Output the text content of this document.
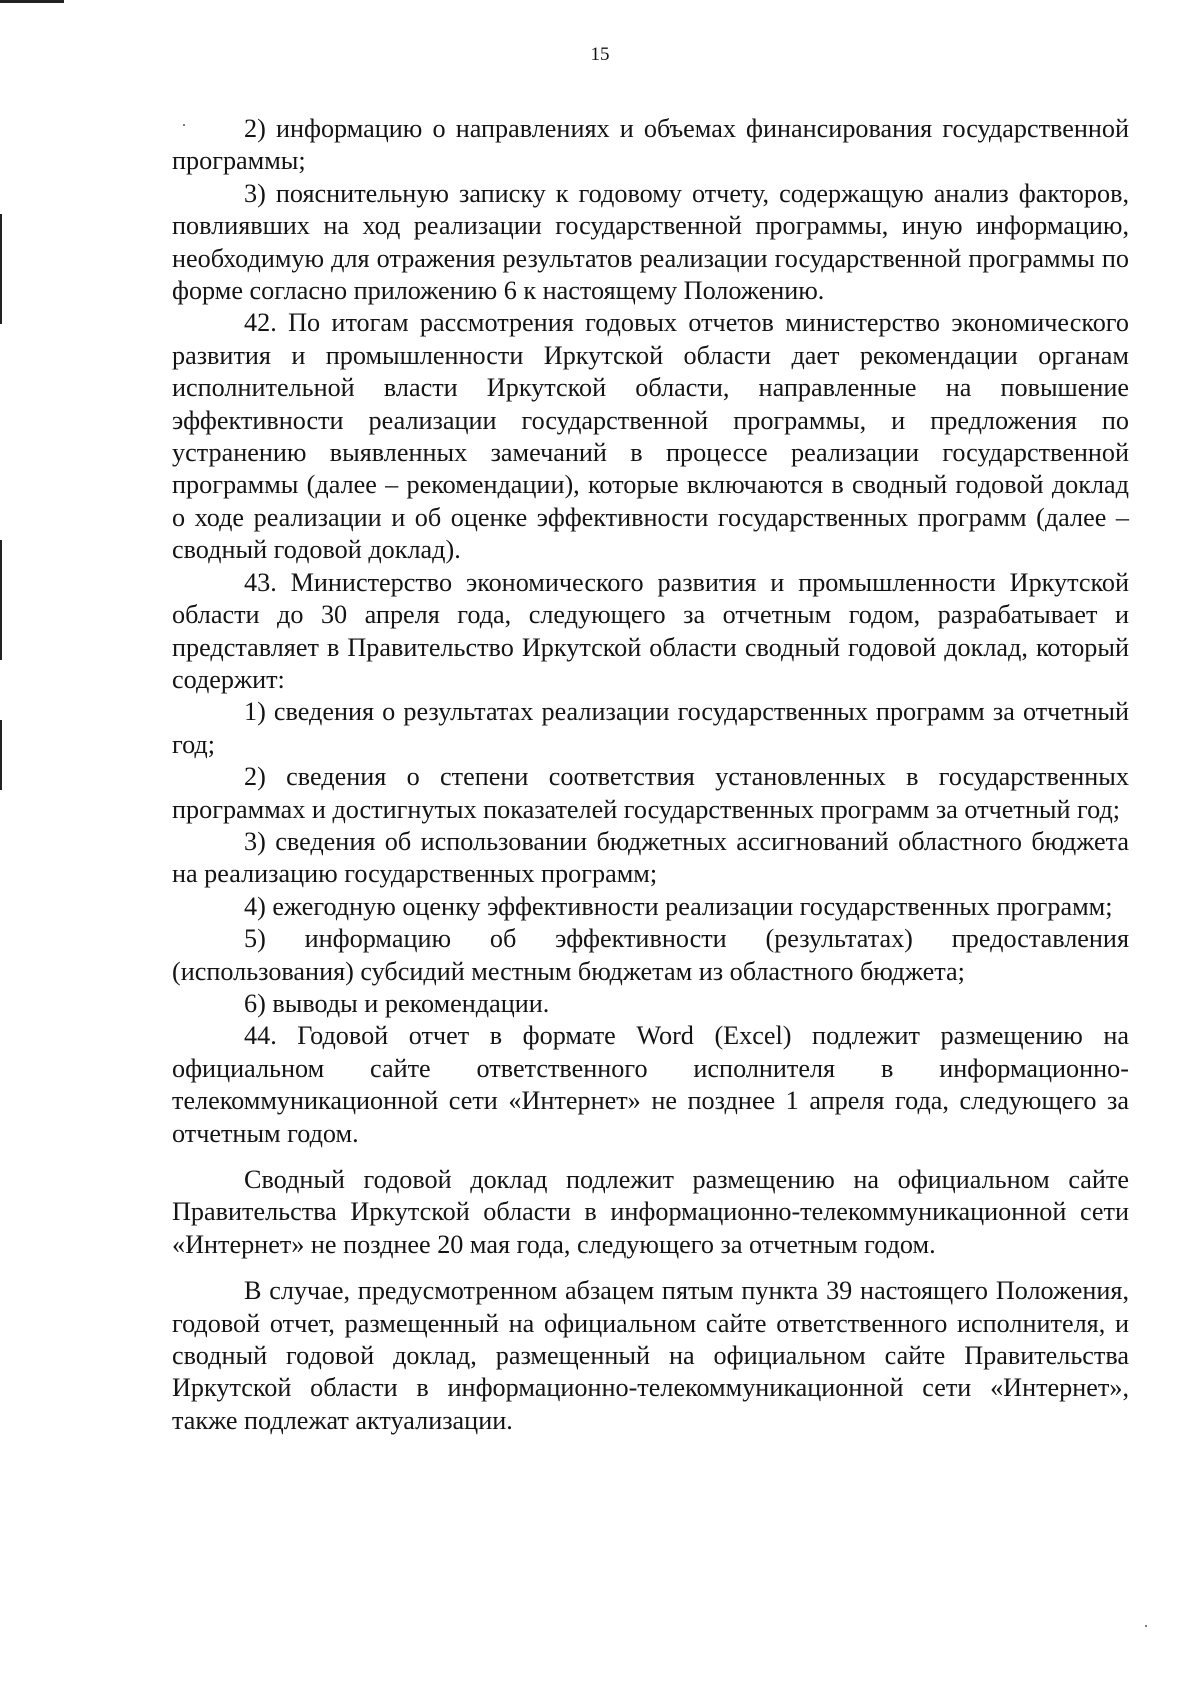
15

2) информацию о направлениях и объемах финансирования государственной программы;

3) пояснительную записку к годовому отчету, содержащую анализ факторов, повлиявших на ход реализации государственной программы, иную информацию, необходимую для отражения результатов реализации государственной программы по форме согласно приложению 6 к настоящему Положению.

42. По итогам рассмотрения годовых отчетов министерство экономического развития и промышленности Иркутской области дает рекомендации органам исполнительной власти Иркутской области, направленные на повышение эффективности реализации государственной программы, и предложения по устранению выявленных замечаний в процессе реализации государственной программы (далее – рекомендации), которые включаются в сводный годовой доклад о ходе реализации и об оценке эффективности государственных программ (далее – сводный годовой доклад).

43. Министерство экономического развития и промышленности Иркутской области до 30 апреля года, следующего за отчетным годом, разрабатывает и представляет в Правительство Иркутской области сводный годовой доклад, который содержит:

1) сведения о результатах реализации государственных программ за отчетный год;

2) сведения о степени соответствия установленных в государственных программах и достигнутых показателей государственных программ за отчетный год;

3) сведения об использовании бюджетных ассигнований областного бюджета на реализацию государственных программ;

4) ежегодную оценку эффективности реализации государственных программ;

5) информацию об эффективности (результатах) предоставления (использования) субсидий местным бюджетам из областного бюджета;

6) выводы и рекомендации.

44. Годовой отчет в формате Word (Excel) подлежит размещению на официальном сайте ответственного исполнителя в информационно-телекоммуникационной сети «Интернет» не позднее 1 апреля года, следующего за отчетным годом.

Сводный годовой доклад подлежит размещению на официальном сайте Правительства Иркутской области в информационно-телекоммуникационной сети «Интернет» не позднее 20 мая года, следующего за отчетным годом.

В случае, предусмотренном абзацем пятым пункта 39 настоящего Положения, годовой отчет, размещенный на официальном сайте ответственного исполнителя, и сводный годовой доклад, размещенный на официальном сайте Правительства Иркутской области в информационно-телекоммуникационной сети «Интернет», также подлежат актуализации.
